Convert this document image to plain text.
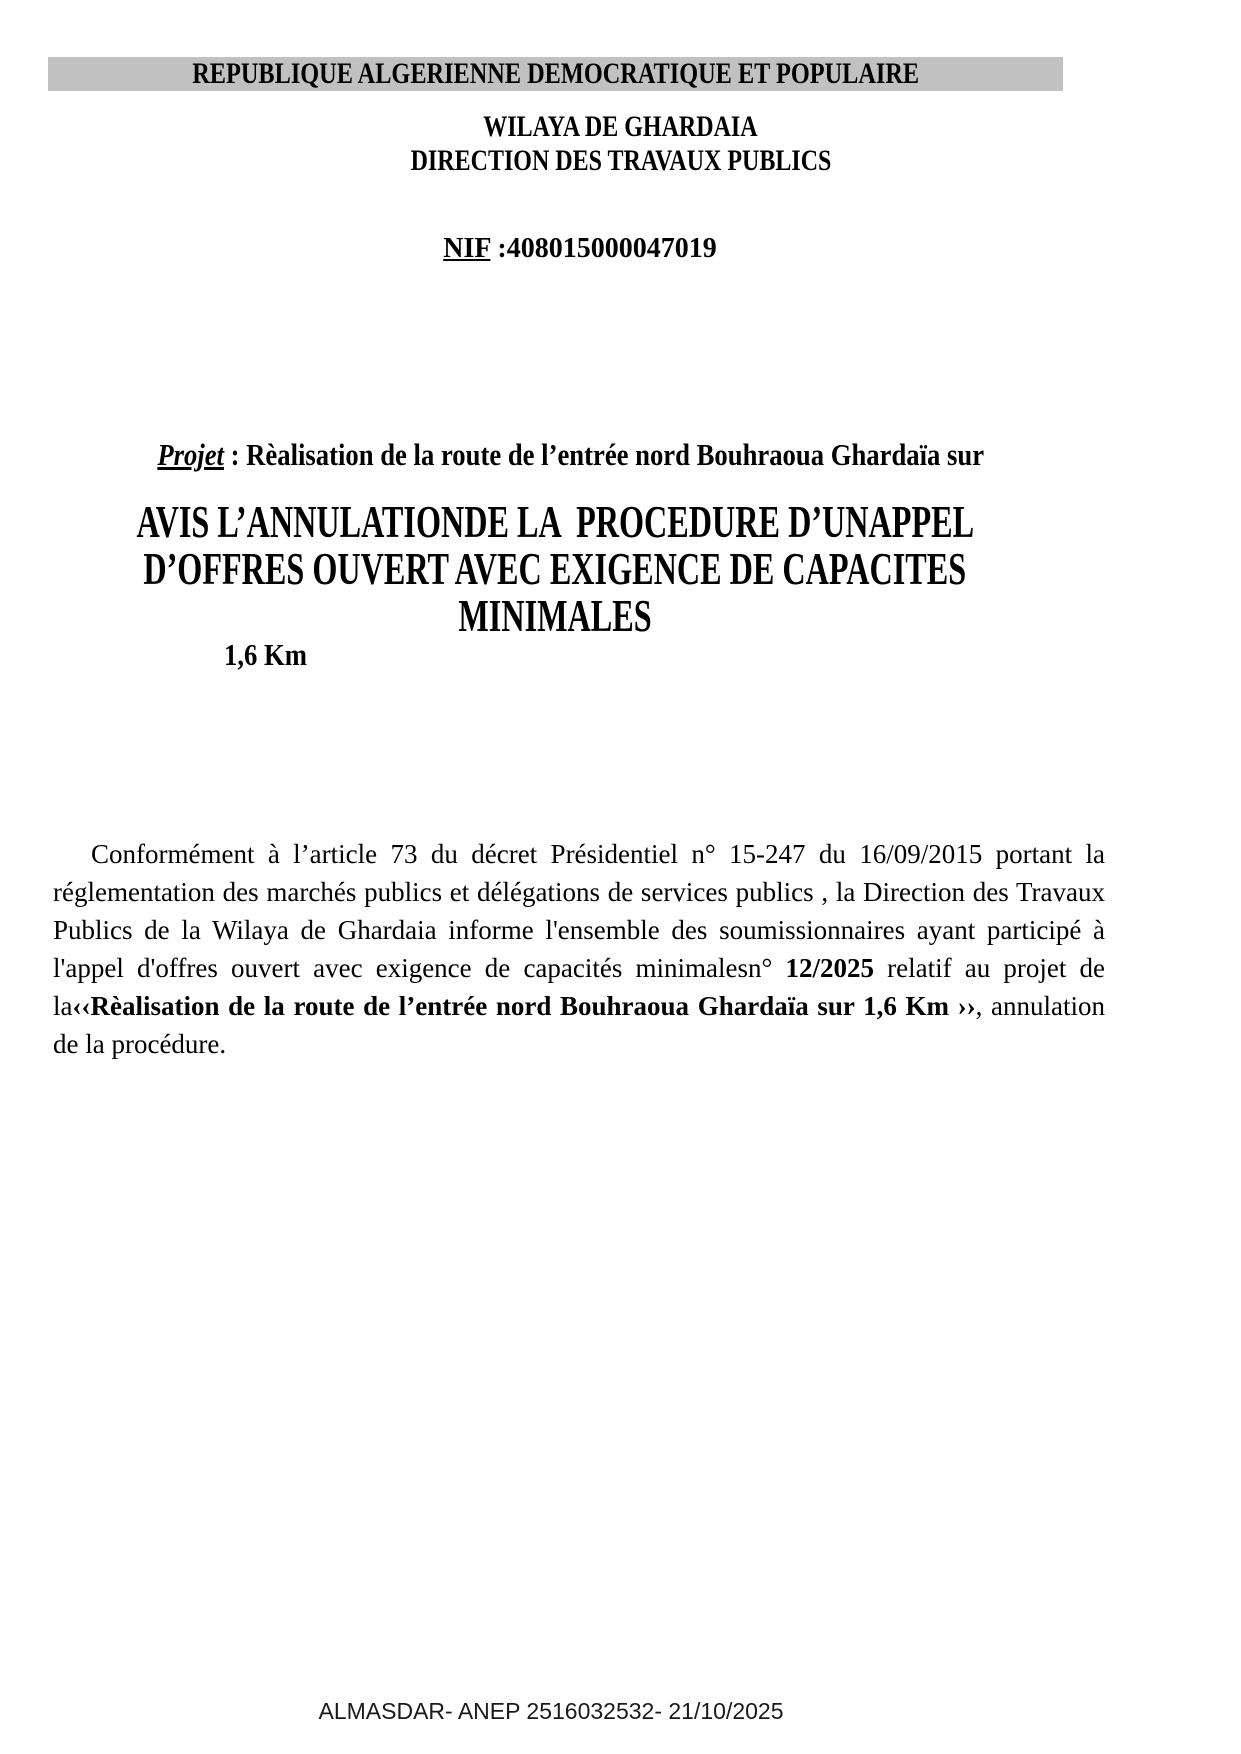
REPUBLIQUE ALGERIENNE DEMOCRATIQUE ET POPULAIRE
WILAYA DE GHARDAIA
DIRECTION DES TRAVAUX PUBLICS
NIF :408015000047019

Projet : Rèalisation de la route de l’entrée nord Bouhraoua Ghardaïa sur

1,6 Km

AVIS L’ANNULATIONDE LA  PROCEDURE D’UNAPPEL
D’OFFRES OUVERT AVEC EXIGENCE DE CAPACITES
MINIMALES

Conformément à l’article 73 du décret Présidentiel n° 15-247 du 16/09/2015 portant la réglementation des marchés publics et délégations de services publics , la Direction des Travaux Publics de la Wilaya de Ghardaia informe l'ensemble des soumissionnaires ayant participé à l'appel d'offres ouvert avec exigence de capacités minimalesn° 12/2025 relatif au projet de la‹‹Rèalisation de la route de l’entrée nord Bouhraoua Ghardaïa sur 1,6 Km ››, annulation de la procédure.

ALMASDAR- ANEP 2516032532- 21/10/2025
